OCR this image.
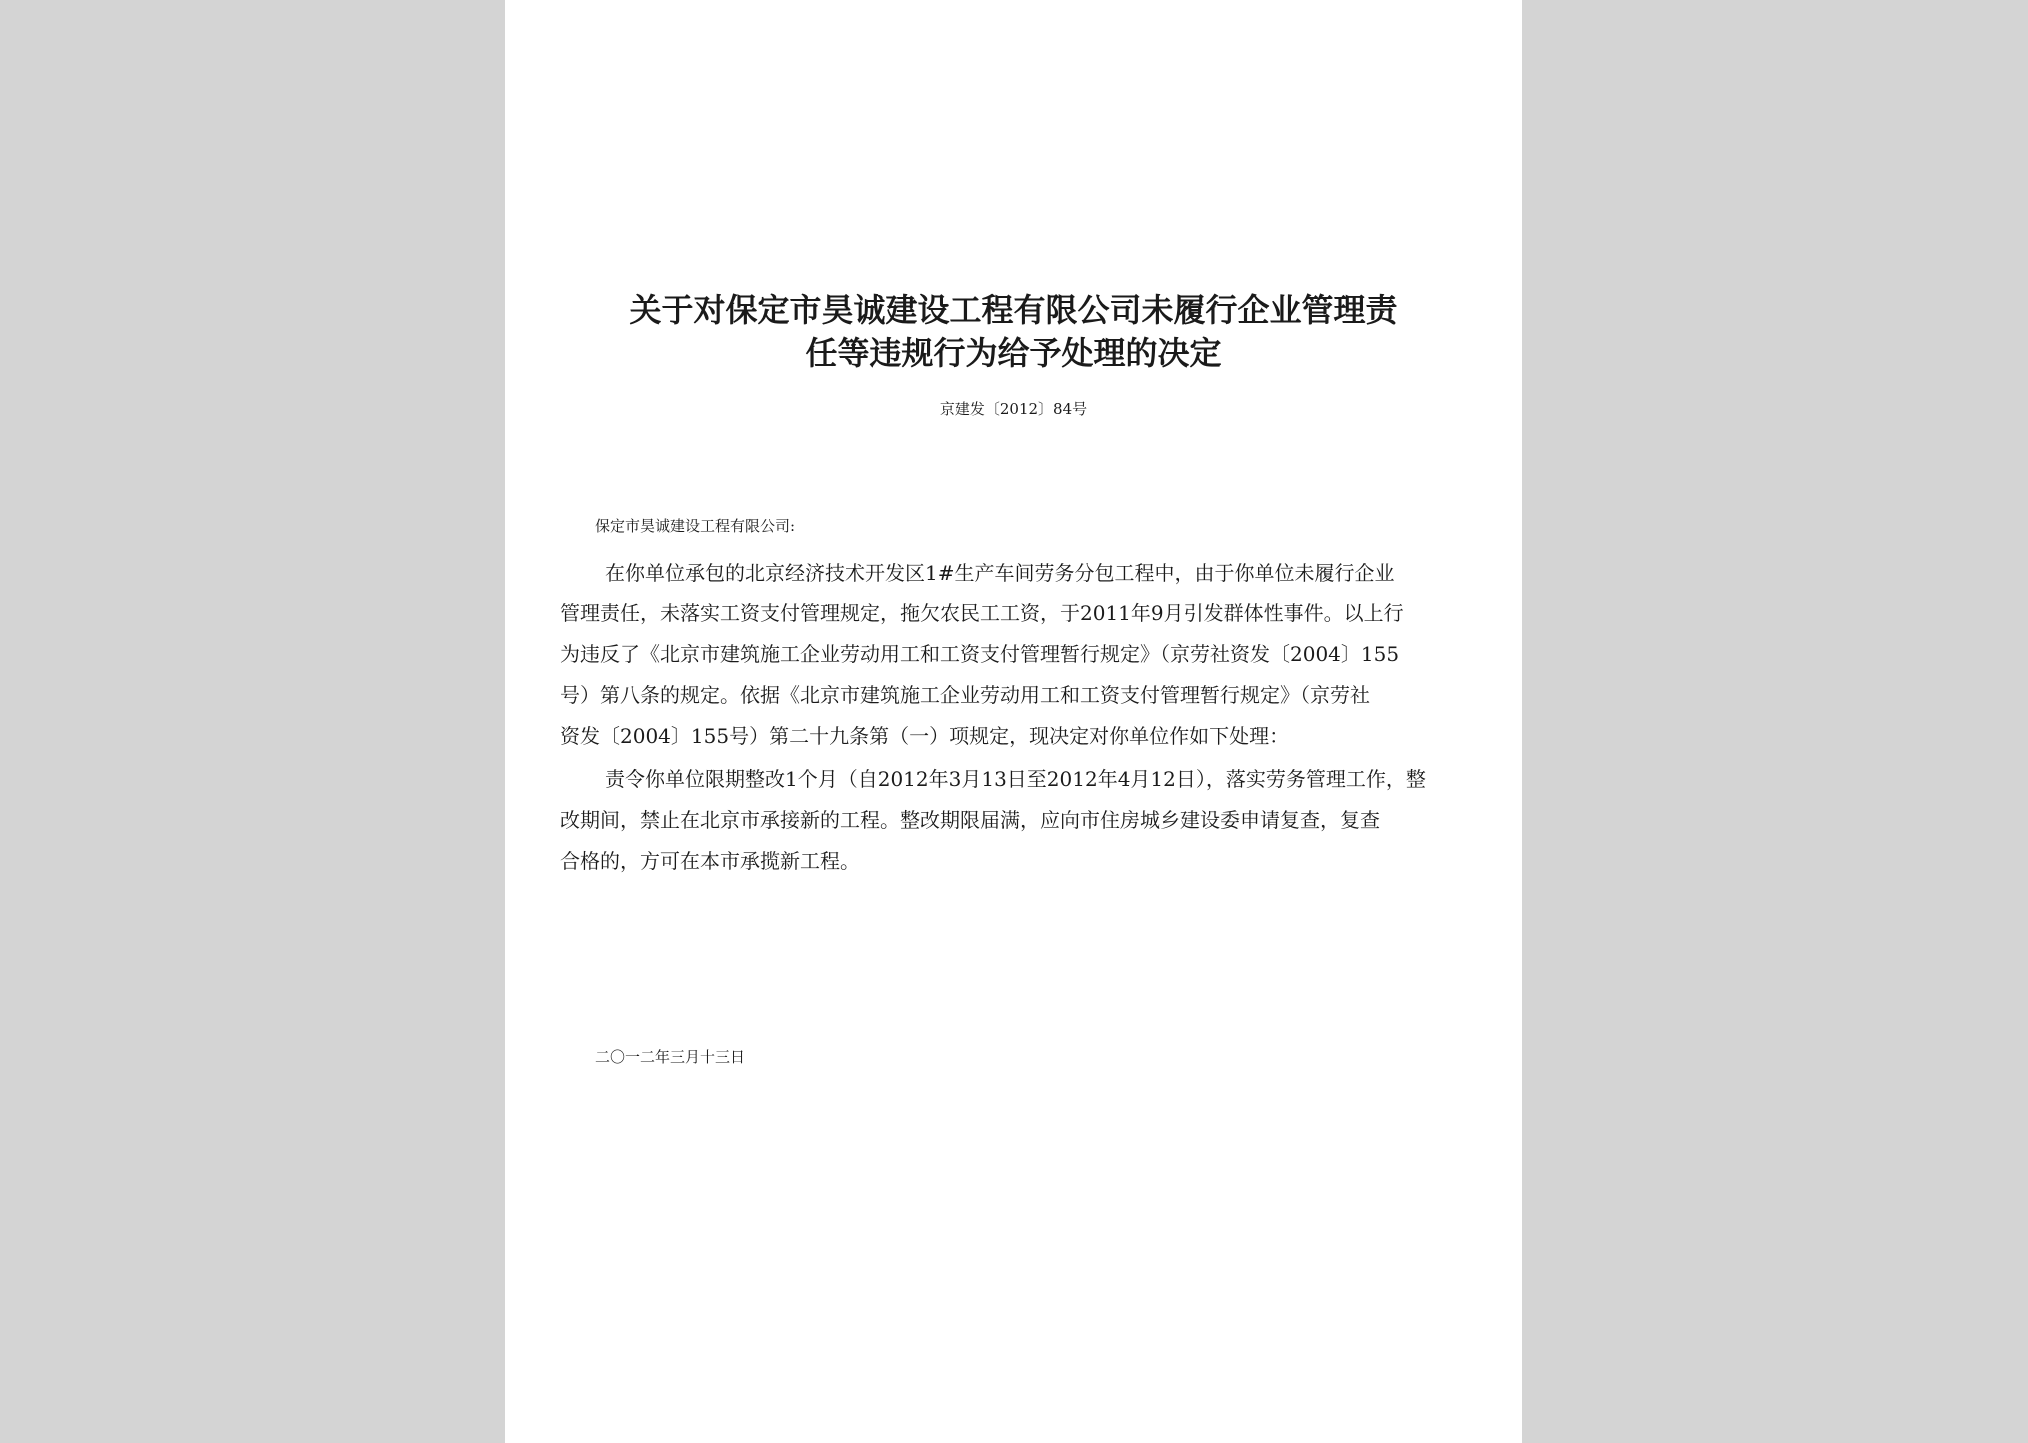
关于对保定市昊诚建设工程有限公司未履行企业管理责
任等违规行为给予处理的决定
京建发〔2012〕84号
保定市昊诚建设工程有限公司:
在你单位承包的北京经济技术开发区1#生产车间劳务分包工程中，由于你单位未履行企业
管理责任，未落实工资支付管理规定，拖欠农民工工资，于2011年9月引发群体性事件。以上行
为违反了《北京市建筑施工企业劳动用工和工资支付管理暂行规定》（京劳社资发〔2004〕155
号）第八条的规定。依据《北京市建筑施工企业劳动用工和工资支付管理暂行规定》（京劳社
资发〔2004〕155号）第二十九条第（一）项规定，现决定对你单位作如下处理：
责令你单位限期整改1个月（自2012年3月13日至2012年4月12日），落实劳务管理工作，整
改期间，禁止在北京市承接新的工程。整改期限届满，应向市住房城乡建设委申请复查，复查
合格的，方可在本市承揽新工程。
二〇一二年三月十三日
